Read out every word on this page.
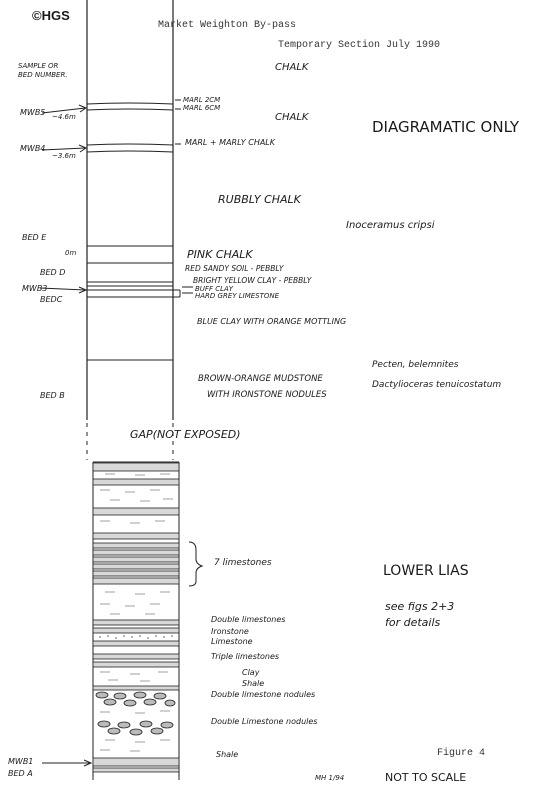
©HGS
Market Weighton By-pass
Temporary Section July 1990
SAMPLE OR BED NUMBER.
CHALK
MARL 2CM
MARL 6CM
CHALK
MARL + MARLY CHALK
DIAGRAMATIC ONLY
RUBBLY CHALK
Inoceramus cripsi
PINK CHALK
RED SANDY SOIL - PEBBLY
BRIGHT YELLOW CLAY - PEBBLY
BUFF CLAY
HARD GREY LIMESTONE
BLUE CLAY WITH ORANGE MOTTLING
BROWN-ORANGE MUDSTONE
WITH IRONSTONE NODULES
Pecten, belemnites
Dactylioceras tenuicostatum
GAP(NOT EXPOSED)
MWB5 ~4.6m
MWB4
~3.6m
BED E
0m
BED D
MWB3
BEDC
BED B
7 limestones	LOWER LIAS
see figs 2+3
for details
Double limestones
Ironstone
Limestone
Triple limestones
Clay
Shale
Double limestone nodules
Double Limestone nodules
Shale
MWB1
BED A
Figure 4
MH 1/94	NOT TO SCALE
